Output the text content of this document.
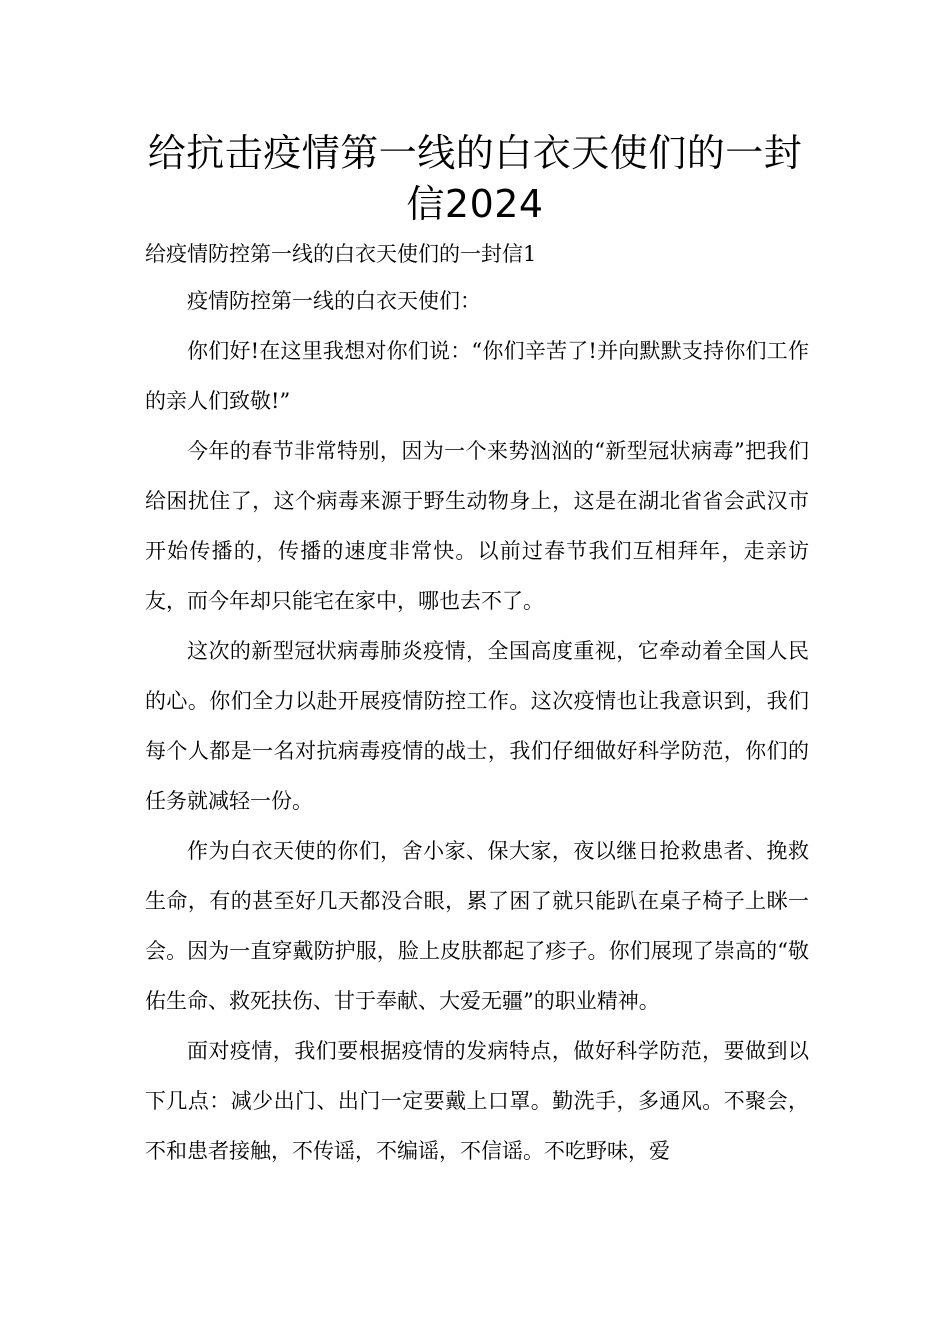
给抗击疫情第一线的白衣天使们的一封
信2024
给疫情防控第一线的白衣天使们的一封信1

疫情防控第一线的白衣天使们：

你们好!在这里我想对你们说：“你们辛苦了!并向默默支持你们工作的亲人们致敬!”

今年的春节非常特别，因为一个来势汹汹的“新型冠状病毒”把我们给困扰住了，这个病毒来源于野生动物身上，这是在湖北省省会武汉市开始传播的，传播的速度非常快。以前过春节我们互相拜年，走亲访友，而今年却只能宅在家中，哪也去不了。

这次的新型冠状病毒肺炎疫情，全国高度重视，它牵动着全国人民的心。你们全力以赴开展疫情防控工作。这次疫情也让我意识到，我们每个人都是一名对抗病毒疫情的战士，我们仔细做好科学防范，你们的任务就减轻一份。

作为白衣天使的你们，舍小家、保大家，夜以继日抢救患者、挽救生命，有的甚至好几天都没合眼，累了困了就只能趴在桌子椅子上眯一会。因为一直穿戴防护服，脸上皮肤都起了疹子。你们展现了崇高的“敬佑生命、救死扶伤、甘于奉献、大爱无疆”的职业精神。

面对疫情，我们要根据疫情的发病特点，做好科学防范，要做到以下几点：减少出门、出门一定要戴上口罩。勤洗手，多通风。不聚会，不和患者接触，不传谣，不编谣，不信谣。不吃野味，爱
